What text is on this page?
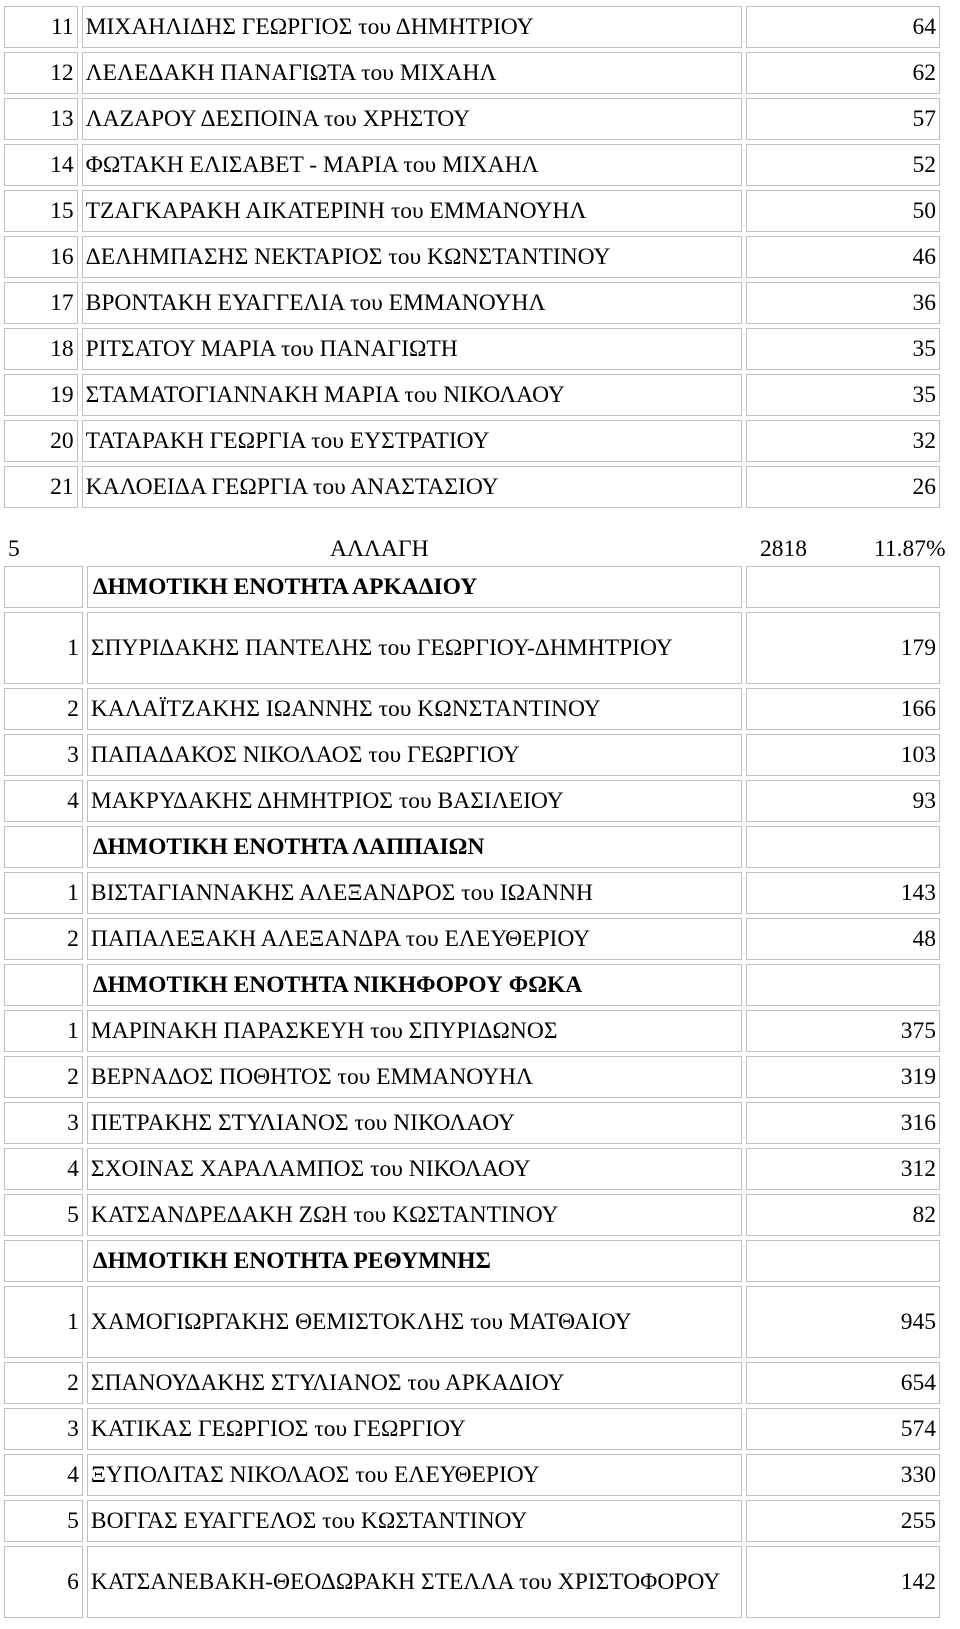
11	ΜΙΧΑΗΛΙΔΗΣ ΓΕΩΡΓΙΟΣ του ΔΗΜΗΤΡΙΟΥ	64
12	ΛΕΛΕΔΑΚΗ ΠΑΝΑΓΙΩΤΑ του ΜΙΧΑΗΛ	62
13	ΛΑΖΑΡΟΥ ΔΕΣΠΟΙΝΑ του ΧΡΗΣΤΟΥ	57
14	ΦΩΤΑΚΗ ΕΛΙΣΑΒΕΤ - ΜΑΡΙΑ του ΜΙΧΑΗΛ	52
15	ΤΖΑΓΚΑΡΑΚΗ ΑΙΚΑΤΕΡΙΝΗ του ΕΜΜΑΝΟΥΗΛ	50
16	ΔΕΛΗΜΠΑΣΗΣ ΝΕΚΤΑΡΙΟΣ του ΚΩΝΣΤΑΝΤΙΝΟΥ	46
17	ΒΡΟΝΤΑΚΗ ΕΥΑΓΓΕΛΙΑ του ΕΜΜΑΝΟΥΗΛ	36
18	ΡΙΤΣΑΤΟΥ ΜΑΡΙΑ του ΠΑΝΑΓΙΩΤΗ	35
19	ΣΤΑΜΑΤΟΓΙΑΝΝΑΚΗ ΜΑΡΙΑ του ΝΙΚΟΛΑΟΥ	35
20	ΤΑΤΑΡΑΚΗ ΓΕΩΡΓΙΑ του ΕΥΣΤΡΑΤΙΟΥ	32
21	ΚΑΛΟΕΙΔΑ ΓΕΩΡΓΙΑ του ΑΝΑΣΤΑΣΙΟΥ	26
5	ΑΛΛΑΓΗ	2818	11.87%
	ΔΗΜΟΤΙΚΗ ΕΝΟΤΗΤΑ ΑΡΚΑΔΙΟΥ	
1	ΣΠΥΡΙΔΑΚΗΣ ΠΑΝΤΕΛΗΣ του ΓΕΩΡΓΙΟΥ-ΔΗΜΗΤΡΙΟΥ	179
2	ΚΑΛΑΪΤΖΑΚΗΣ ΙΩΑΝΝΗΣ του ΚΩΝΣΤΑΝΤΙΝΟΥ	166
3	ΠΑΠΑΔΑΚΟΣ ΝΙΚΟΛΑΟΣ του ΓΕΩΡΓΙΟΥ	103
4	ΜΑΚΡΥΔΑΚΗΣ ΔΗΜΗΤΡΙΟΣ του ΒΑΣΙΛΕΙΟΥ	93
	ΔΗΜΟΤΙΚΗ ΕΝΟΤΗΤΑ ΛΑΠΠΑΙΩΝ	
1	ΒΙΣΤΑΓΙΑΝΝΑΚΗΣ ΑΛΕΞΑΝΔΡΟΣ του ΙΩΑΝΝΗ	143
2	ΠΑΠΑΛΕΞΑΚΗ ΑΛΕΞΑΝΔΡΑ του ΕΛΕΥΘΕΡΙΟΥ	48
	ΔΗΜΟΤΙΚΗ ΕΝΟΤΗΤΑ ΝΙΚΗΦΟΡΟΥ ΦΩΚΑ	
1	ΜΑΡΙΝΑΚΗ ΠΑΡΑΣΚΕΥΗ του ΣΠΥΡΙΔΩΝΟΣ	375
2	ΒΕΡΝΑΔΟΣ ΠΟΘΗΤΟΣ του ΕΜΜΑΝΟΥΗΛ	319
3	ΠΕΤΡΑΚΗΣ ΣΤΥΛΙΑΝΟΣ του ΝΙΚΟΛΑΟΥ	316
4	ΣΧΟΙΝΑΣ ΧΑΡΑΛΑΜΠΟΣ του ΝΙΚΟΛΑΟΥ	312
5	ΚΑΤΣΑΝΔΡΕΔΑΚΗ ΖΩΗ του ΚΩΣΤΑΝΤΙΝΟΥ	82
	ΔΗΜΟΤΙΚΗ ΕΝΟΤΗΤΑ ΡΕΘΥΜΝΗΣ	
1	ΧΑΜΟΓΙΩΡΓΑΚΗΣ ΘΕΜΙΣΤΟΚΛΗΣ του ΜΑΤΘΑΙΟΥ	945
2	ΣΠΑΝΟΥΔΑΚΗΣ ΣΤΥΛΙΑΝΟΣ του ΑΡΚΑΔΙΟΥ	654
3	ΚΑΤΙΚΑΣ ΓΕΩΡΓΙΟΣ του ΓΕΩΡΓΙΟΥ	574
4	ΞΥΠΟΛΙΤΑΣ ΝΙΚΟΛΑΟΣ του ΕΛΕΥΘΕΡΙΟΥ	330
5	ΒΟΓΓΑΣ ΕΥΑΓΓΕΛΟΣ του ΚΩΣΤΑΝΤΙΝΟΥ	255
6	ΚΑΤΣΑΝΕΒΑΚΗ-ΘΕΟΔΩΡΑΚΗ ΣΤΕΛΛΑ του ΧΡΙΣΤΟΦΟΡΟΥ	142
